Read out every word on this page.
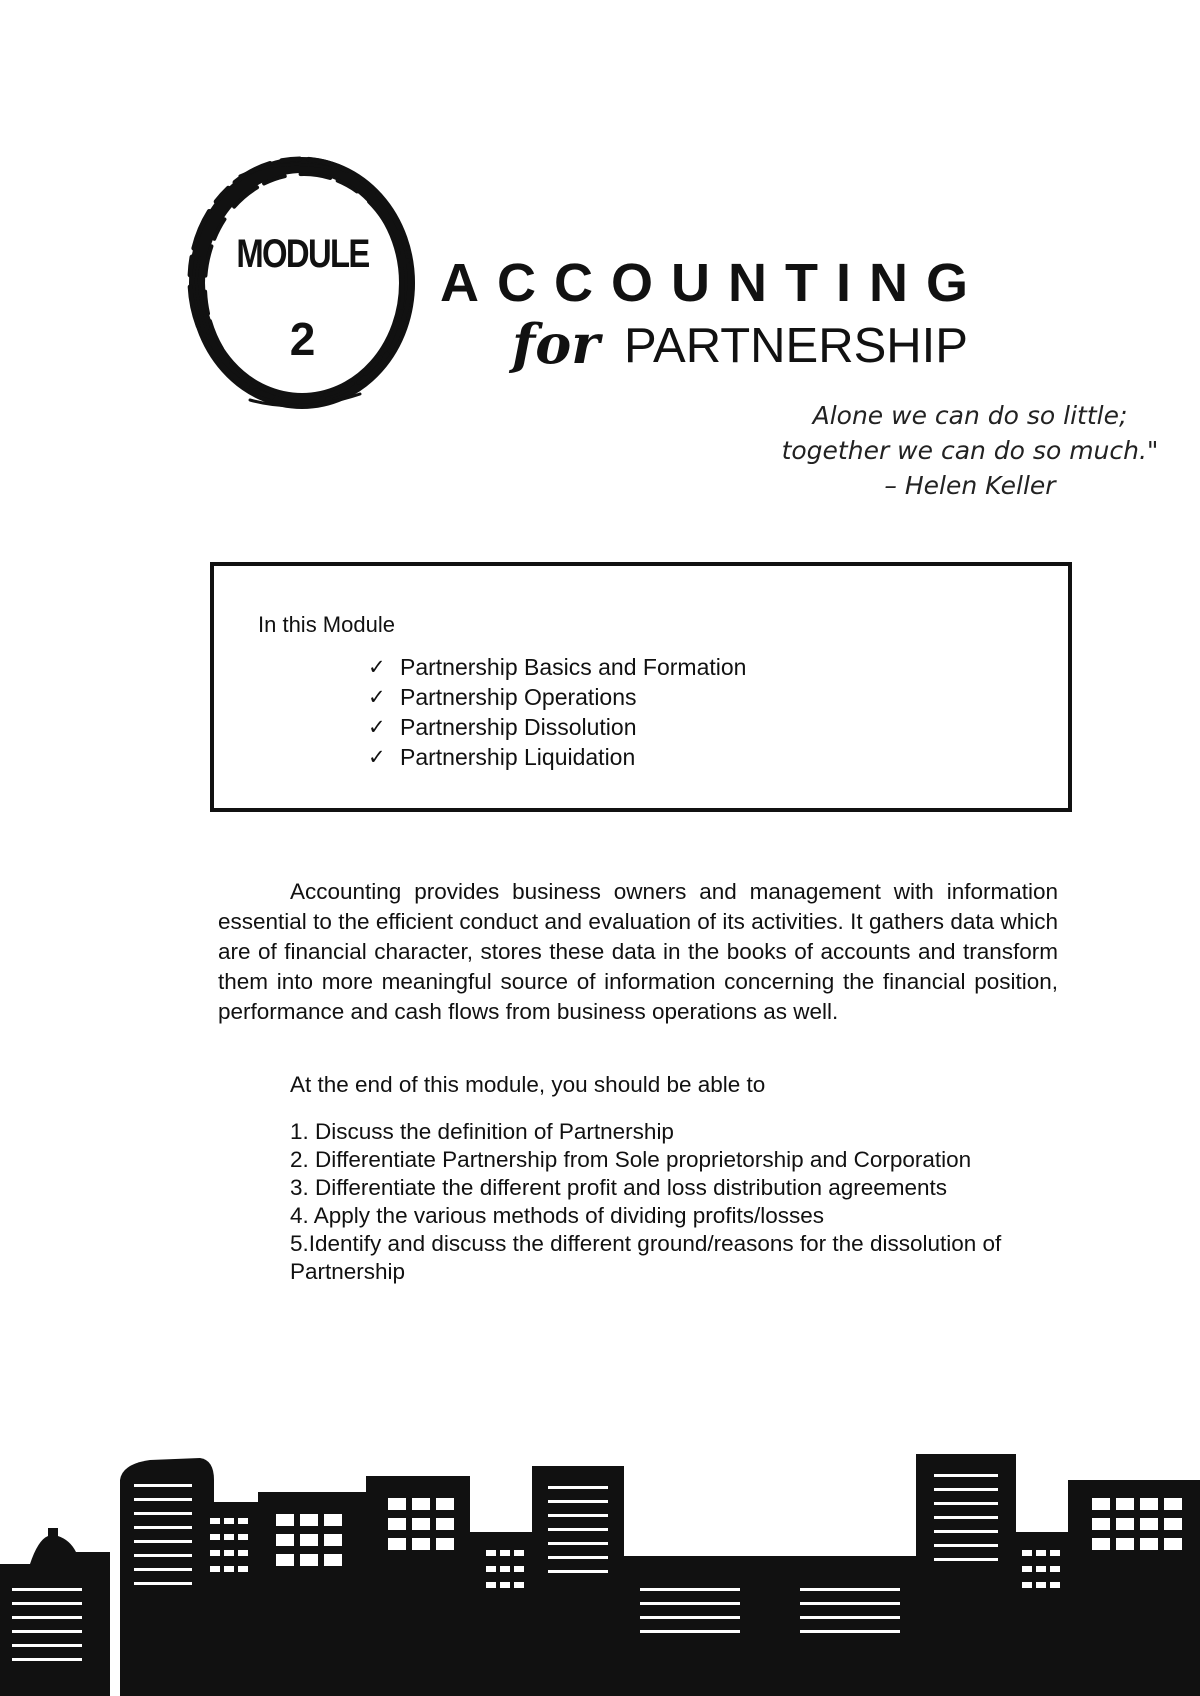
MODULE
2
ACCOUNTING
for PARTNERSHIP
Alone we can do so little;
together we can do so much."
– Helen Keller
In this Module
✓ Partnership Basics and Formation
✓ Partnership Operations
✓ Partnership Dissolution
✓ Partnership Liquidation
Accounting provides business owners and management with information essential to the efficient conduct and evaluation of its activities. It gathers data which are of financial character, stores these data in the books of accounts and transform them into more meaningful source of information concerning the financial position, performance and cash flows from business operations as well.
At the end of this module, you should be able to
1. Discuss the definition of Partnership
2. Differentiate Partnership from Sole proprietorship and Corporation
3. Differentiate the different profit and loss distribution agreements
4. Apply the various methods of dividing profits/losses
5.Identify and discuss the different ground/reasons for the dissolution of Partnership
